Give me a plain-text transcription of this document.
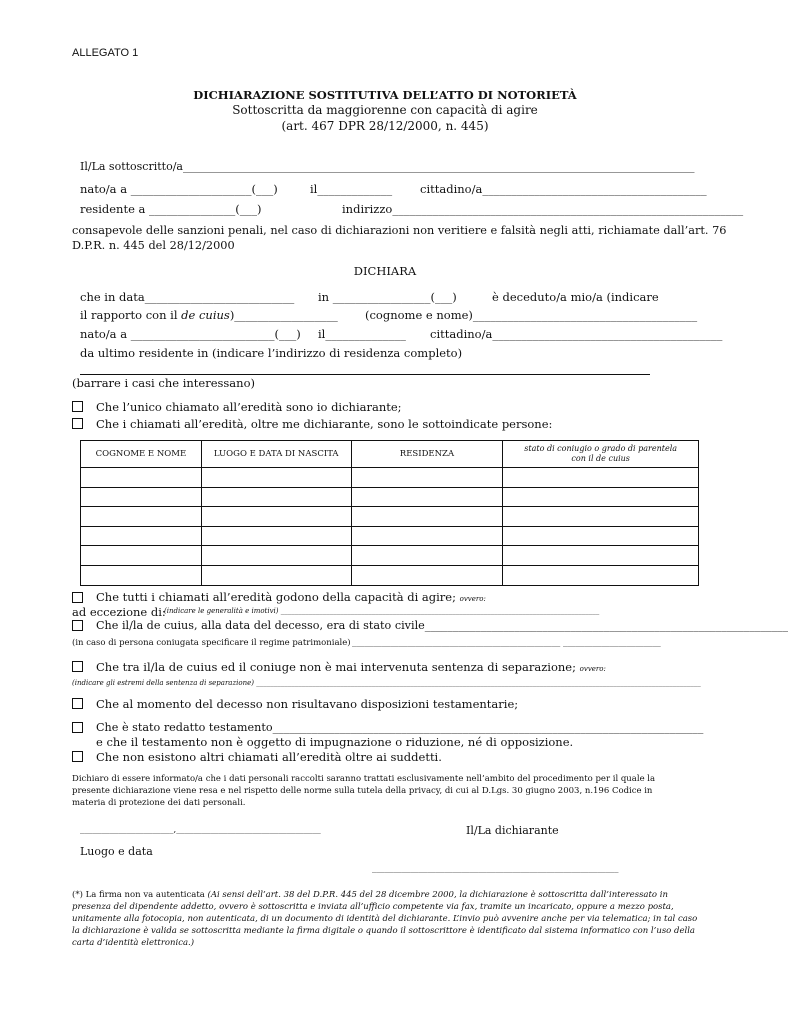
ALLEGATO 1
DICHIARAZIONE SOSTITUTIVA DELL’ATTO DI NOTORIETÀ
Sottoscritta da maggiorenne con capacità di agire
(art. 467 DPR 28/12/2000, n. 445)
Il/La sottoscritto/a_____________________________________________________________________________________________
nato/a a _____________________(___)	il_____________ cittadino/a_______________________________________
residente a _______________(___)	indirizzo_____________________________________________________________
consapevole delle sanzioni penali, nel caso di dichiarazioni non veritiere e falsità negli atti, richiamate dall’art. 76
D.P.R. n. 445 del 28/12/2000
DICHIARA
che in data__________________________ in _________________(___)	è deceduto/a mio/a (indicare
il rapporto con il de cuius)__________________ (cognome e nome)_______________________________________
nato/a a _________________________(___) il______________ cittadino/a________________________________________
da ultimo residente in (indicare l’indirizzo di residenza completo)
(barrare i casi che interessano)
Che l’unico chiamato all’eredità sono io dichiarante;
Che i chiamati all’eredità, oltre me dichiarante, sono le sottoindicate persone:
COGNOME E NOME	LUOGO E DATA DI NASCITA	RESIDENZA	stato di coniugio o grado di parentela
con il de cuius

Che tutti i chiamati all’eredità godono della capacità di agire; ovvero:
ad eccezione di:
(indicare le generalità e imotivi) ___________________________________________________________________________________________
Che il/la de cuius, alla data del decesso, era di stato civile_________________________________________________________________
(in caso di persona coniugata specificare il regime patrimoniale) _________________________________________________ _______________________
Che tra il/la de cuius ed il coniuge non è mai intervenuta sentenza di separazione; ovvero:
(indicare gli estremi della sentenza di separazione) _______________________________________________________________________________________________________________________________
Che al momento del decesso non risultavano disposizioni testamentarie;
Che è stato redatto testamento_____________________________________________________________________________
e che il testamento non è oggetto di impugnazione o riduzione, né di opposizione.
Che non esistono altri chiamati all’eredità oltre ai suddetti.
Dichiaro di essere informato/a che i dati personali raccolti saranno trattati esclusivamente nell’ambito del procedimento per il quale la
presente dichiarazione viene resa e nel rispetto delle norme sulla tutela della privacy, di cui al D.Lgs. 30 giugno 2003, n.196 Codice in
materia di protezione dei dati personali.
______________________,__________________________________	Il/La dichiarante
Luogo e data
__________________________________________________________
(*) La firma non va autenticata (Ai sensi dell’art. 38 del D.P.R. 445 del 28 dicembre 2000, la dichiarazione è sottoscritta dall’interessato in
presenza del dipendente addetto, ovvero è sottoscritta e inviata all’ufficio competente via fax, tramite un incaricato, oppure a mezzo posta,
unitamente alla fotocopia, non autenticata, di un documento di identità del dichiarante. L’invio può avvenire anche per via telematica; in tal caso
la dichiarazione è valida se sottoscritta mediante la firma digitale o quando il sottoscrittore è identificato dal sistema informatico con l’uso della
carta d’identità elettronica.)
